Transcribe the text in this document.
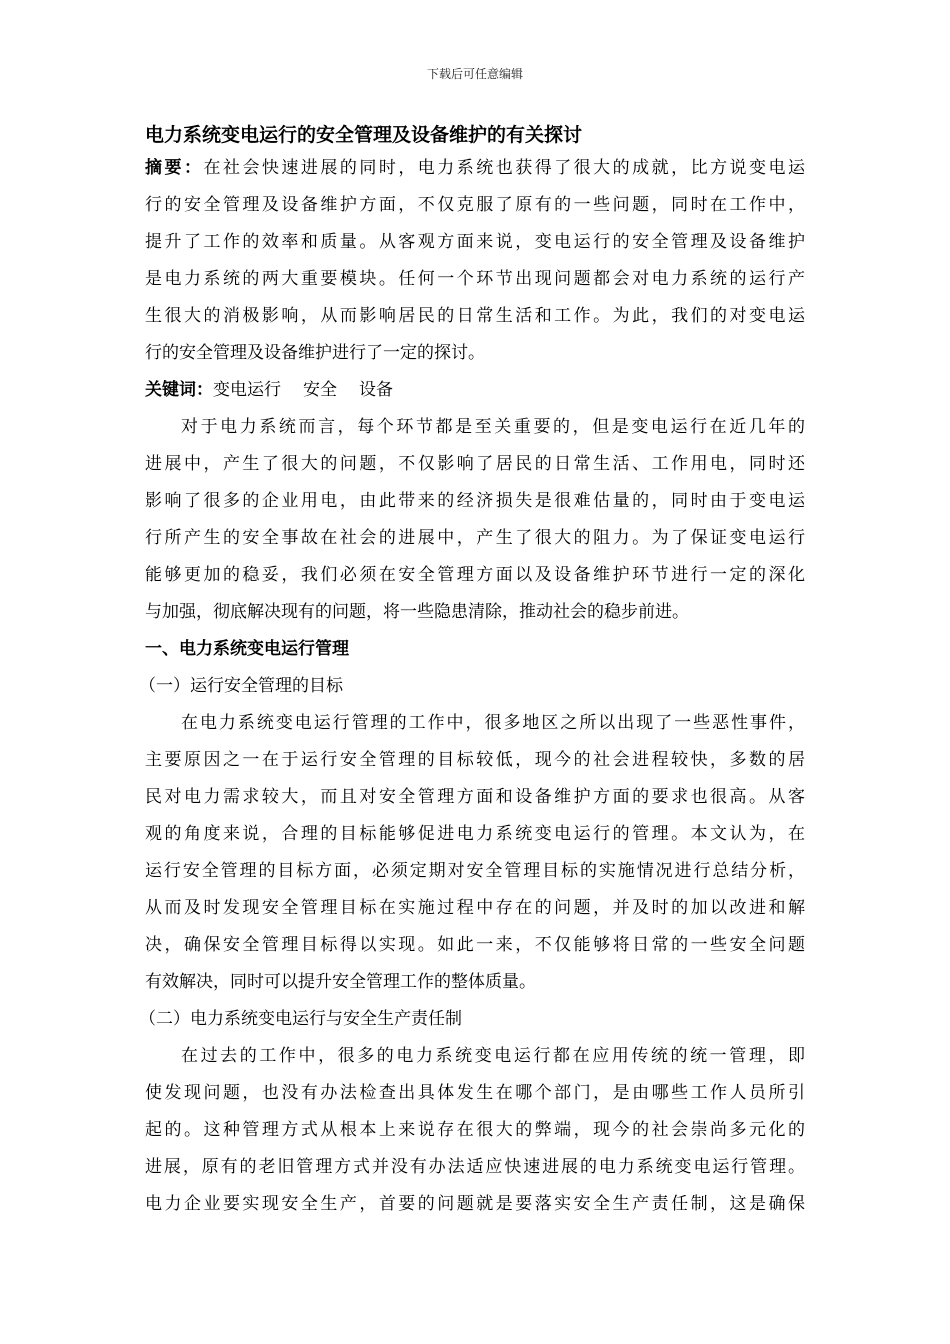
下载后可任意编辑
电力系统变电运行的安全管理及设备维护的有关探讨
摘要：在社会快速进展的同时，电力系统也获得了很大的成就，比方说变电运
行的安全管理及设备维护方面，不仅克服了原有的一些问题，同时在工作中，
提升了工作的效率和质量。从客观方面来说，变电运行的安全管理及设备维护
是电力系统的两大重要模块。任何一个环节出现问题都会对电力系统的运行产
生很大的消极影响，从而影响居民的日常生活和工作。为此，我们的对变电运
行的安全管理及设备维护进行了一定的探讨。
关键词：变电运行 安全 设备
对于电力系统而言，每个环节都是至关重要的，但是变电运行在近几年的
进展中，产生了很大的问题，不仅影响了居民的日常生活、工作用电，同时还
影响了很多的企业用电，由此带来的经济损失是很难估量的，同时由于变电运
行所产生的安全事故在社会的进展中，产生了很大的阻力。为了保证变电运行
能够更加的稳妥，我们必须在安全管理方面以及设备维护环节进行一定的深化
与加强，彻底解决现有的问题，将一些隐患清除，推动社会的稳步前进。
一、电力系统变电运行管理
（一）运行安全管理的目标
在电力系统变电运行管理的工作中，很多地区之所以出现了一些恶性事件，
主要原因之一在于运行安全管理的目标较低，现今的社会进程较快，多数的居
民对电力需求较大，而且对安全管理方面和设备维护方面的要求也很高。从客
观的角度来说，合理的目标能够促进电力系统变电运行的管理。本文认为，在
运行安全管理的目标方面，必须定期对安全管理目标的实施情况进行总结分析，
从而及时发现安全管理目标在实施过程中存在的问题，并及时的加以改进和解
决，确保安全管理目标得以实现。如此一来，不仅能够将日常的一些安全问题
有效解决，同时可以提升安全管理工作的整体质量。
（二）电力系统变电运行与安全生产责任制
在过去的工作中，很多的电力系统变电运行都在应用传统的统一管理，即
使发现问题，也没有办法检查出具体发生在哪个部门，是由哪些工作人员所引
起的。这种管理方式从根本上来说存在很大的弊端，现今的社会崇尚多元化的
进展，原有的老旧管理方式并没有办法适应快速进展的电力系统变电运行管理。
电力企业要实现安全生产，首要的问题就是要落实安全生产责任制，这是确保
